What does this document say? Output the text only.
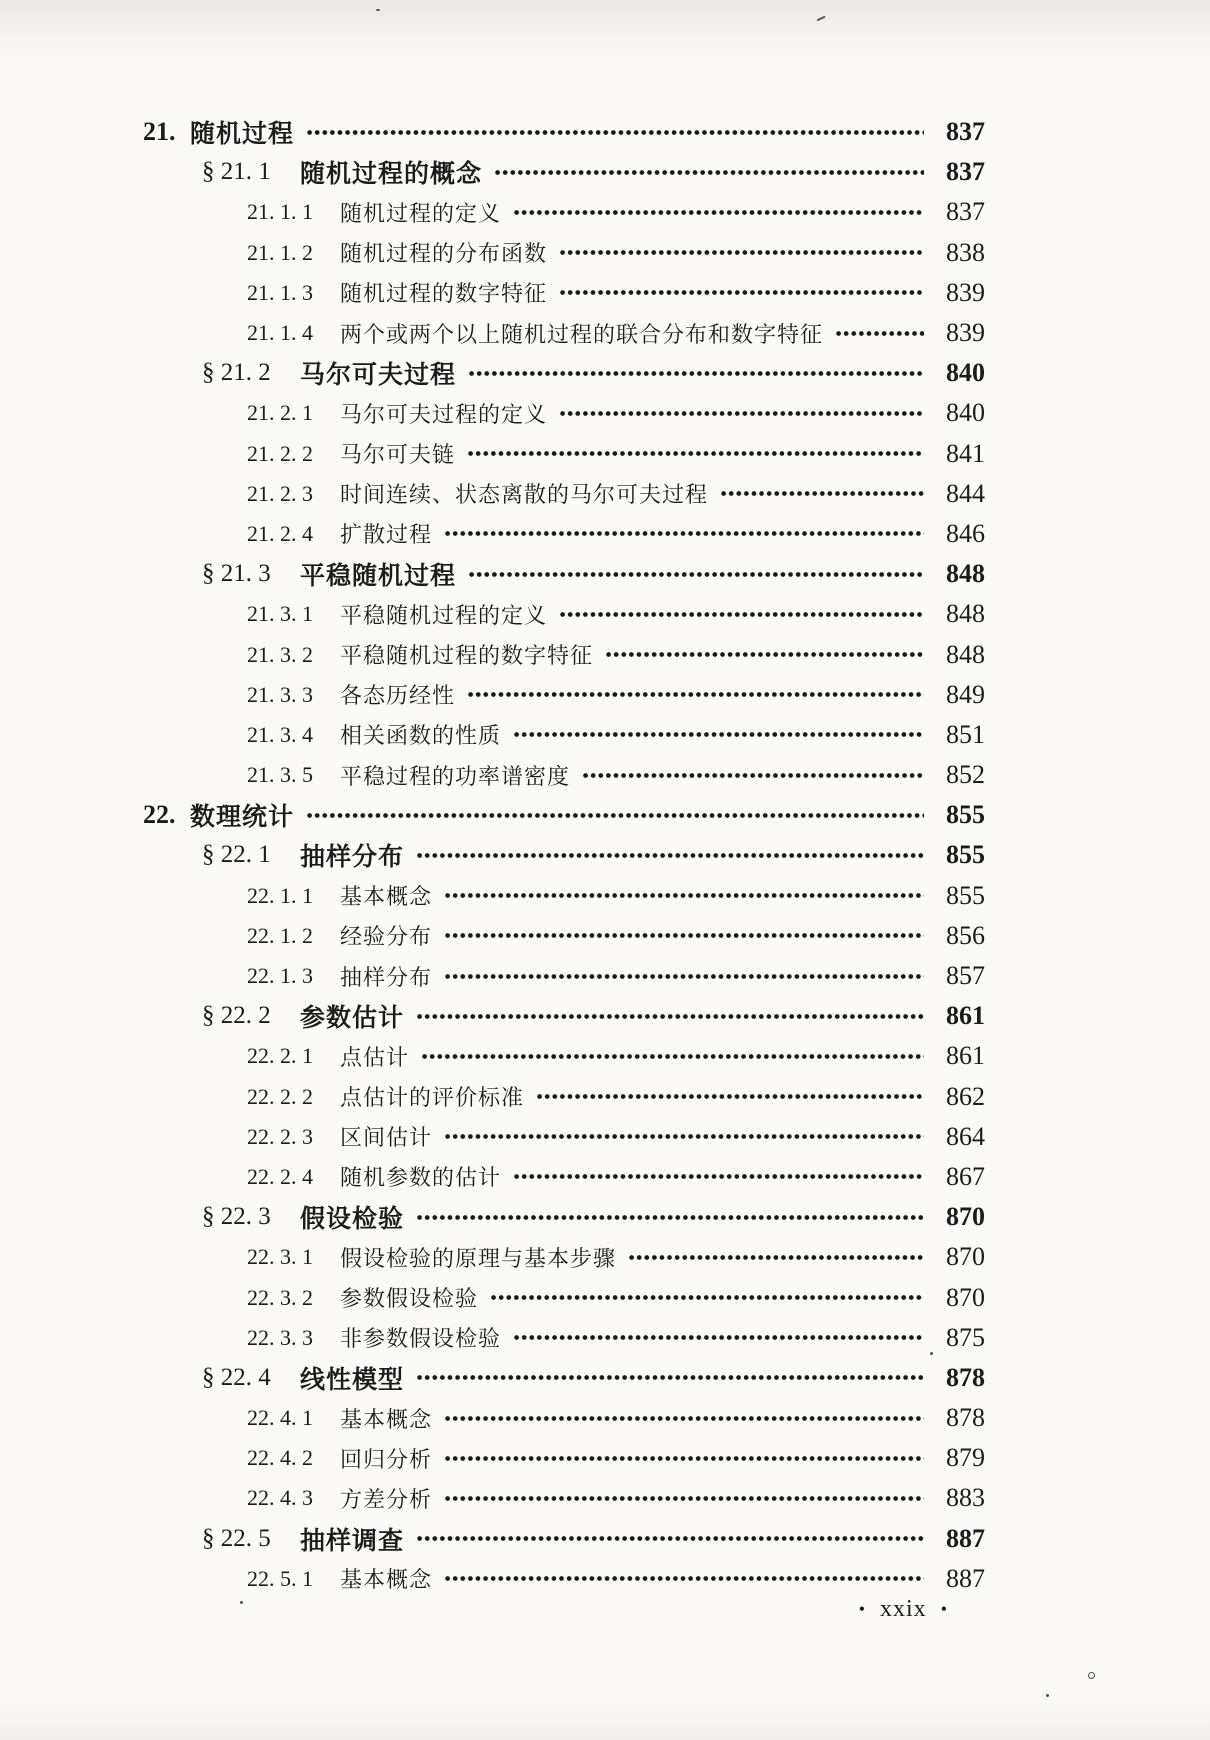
21. 随机过程	837
§ 21. 1	随机过程的概念	837
21. 1. 1	随机过程的定义	837
21. 1. 2	随机过程的分布函数	838
21. 1. 3	随机过程的数字特征	839
21. 1. 4	两个或两个以上随机过程的联合分布和数字特征	839
§ 21. 2	马尔可夫过程	840
21. 2. 1	马尔可夫过程的定义	840
21. 2. 2	马尔可夫链	841
21. 2. 3	时间连续、状态离散的马尔可夫过程	844
21. 2. 4	扩散过程	846
§ 21. 3	平稳随机过程	848
21. 3. 1	平稳随机过程的定义	848
21. 3. 2	平稳随机过程的数字特征	848
21. 3. 3	各态历经性	849
21. 3. 4	相关函数的性质	851
21. 3. 5	平稳过程的功率谱密度	852
22. 数理统计	855
§ 22. 1	抽样分布	855
22. 1. 1	基本概念	855
22. 1. 2	经验分布	856
22. 1. 3	抽样分布	857
§ 22. 2	参数估计	861
22. 2. 1	点估计	861
22. 2. 2	点估计的评价标准	862
22. 2. 3	区间估计	864
22. 2. 4	随机参数的估计	867
§ 22. 3	假设检验	870
22. 3. 1	假设检验的原理与基本步骤	870
22. 3. 2	参数假设检验	870
22. 3. 3	非参数假设检验	875
§ 22. 4	线性模型	878
22. 4. 1	基本概念	878
22. 4. 2	回归分析	879
22. 4. 3	方差分析	883
§ 22. 5	抽样调查	887
22. 5. 1	基本概念	887
• xxix •
